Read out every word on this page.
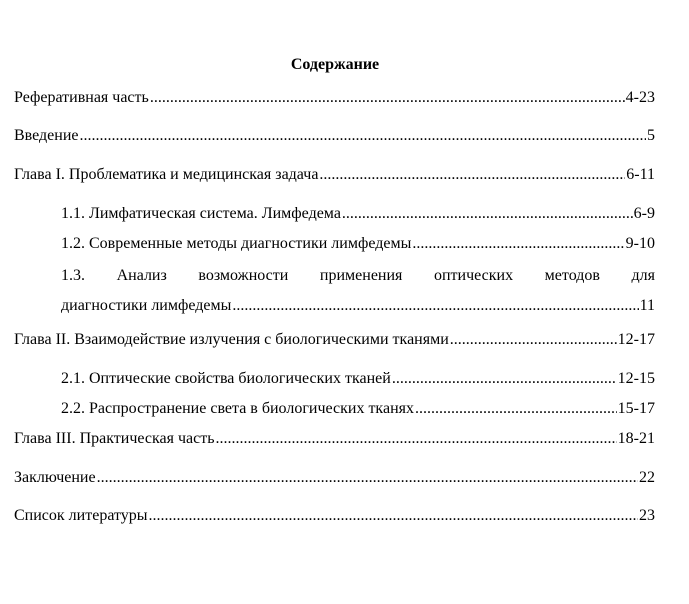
Содержание
Реферативная часть .....	4-23
Введение .....	5
Глава I. Проблематика и медицинская задача .....	6-11
1.1. Лимфатическая система. Лимфедема .....	6-9
1.2. Современные методы диагностики лимфедемы .....	9-10
1.3. Анализ возможности применения оптических методов для
диагностики лимфедемы .....	11
Глава II. Взаимодействие излучения с биологическими тканями .....	12-17
2.1. Оптические свойства биологических тканей .....	12-15
2.2. Распространение света в биологических тканях .....	15-17
Глава III. Практическая часть .....	18-21
Заключение .....	22
Список литературы .....	23
